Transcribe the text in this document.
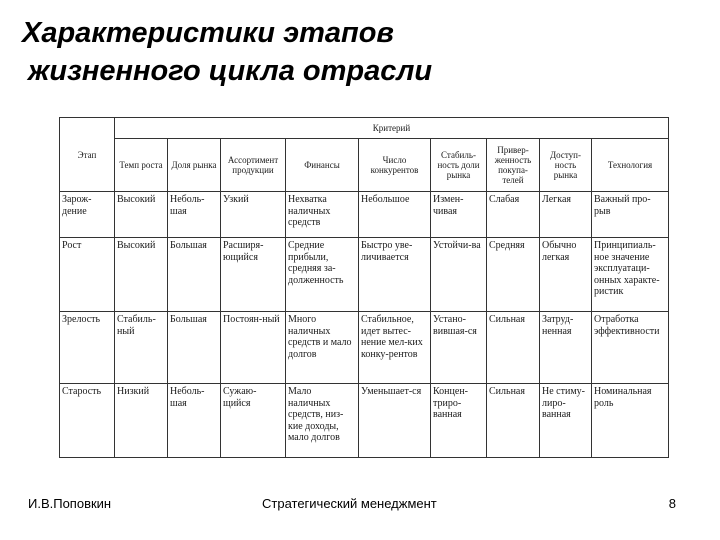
Характеристики этапов
жизненного цикла отрасли
Этап	Критерий								
	Темп роста	Доля рынка	Ассортимент продукции	Финансы	Число конкурентов	Стабиль-ность доли рынка	Привер-женность покупа-телей	Доступ-ность рынка	Технология
Зарож-дение	Высокий	Неболь-шая	Узкий	Нехватка наличных средств	Небольшое	Измен-чивая	Слабая	Легкая	Важный про-рыв
Рост	Высокий	Большая	Расширя-ющийся	Средние прибыли, средняя за-долженность	Быстро уве-личивается	Устойчи-ва	Средняя	Обычно легкая	Принципиаль-ное значение эксплуатаци-онных характе-ристик
Зрелость	Стабиль-ный	Большая	Постоян-ный	Много наличных средств и мало долгов	Стабильное, идет вытес-нение мел-ких конку-рентов	Устано-вившая-ся	Сильная	Затруд-ненная	Отработка эффективности
Старость	Низкий	Неболь-шая	Сужаю-щийся	Мало наличных средств, низ-кие доходы, мало долгов	Уменьшает-ся	Концен-триро-ванная	Сильная	Не стиму-лиро-ванная	Номинальная роль
И.В.Поповкин	Стратегический менеджмент	8
